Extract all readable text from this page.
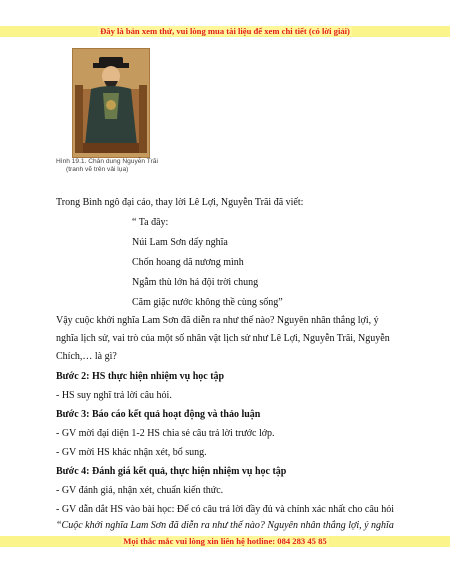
Đây là bản xem thử, vui lòng mua tài liệu để xem chi tiết (có lời giải)
Hình 19.1. Chân dung Nguyễn Trãi
(tranh vẽ trên vải lụa)
Trong Bình ngô đại cáo, thay lời Lê Lợi, Nguyễn Trãi đã viết:
“ Ta đây:
Núi Lam Sơn dấy nghĩa
Chốn hoang dã nương mình
Ngẫm thù lớn há đội trời chung
Căm giặc nước không thề cùng sống”
Vậy cuộc khởi nghĩa Lam Sơn đã diễn ra như thế nào? Nguyên nhân thắng lợi, ý
nghĩa lịch sử, vai trò của một số nhân vật lịch sử như Lê Lợi, Nguyễn Trãi, Nguyễn
Chích,… là gì?
Bước 2: HS thực hiện nhiệm vụ học tập
- HS suy nghĩ trả lời câu hỏi.
Bước 3: Báo cáo kết quả hoạt động và thảo luận
- GV mời đại diện 1-2 HS chia sẻ câu trả lời trước lớp.
- GV mời HS khác nhận xét, bổ sung.
Bước 4: Đánh giá kết quả, thực hiện nhiệm vụ học tập
- GV đánh giá, nhận xét, chuẩn kiến thức.
- GV dẫn dắt HS vào bài học: Để có câu trả lời đầy đủ và chính xác nhất cho câu hỏi
“Cuộc khởi nghĩa Lam Sơn đã diễn ra như thế nào? Nguyên nhân thắng lợi, ý nghĩa
Mọi thắc mắc vui lòng xin liên hệ hotline: 084 283 45 85
